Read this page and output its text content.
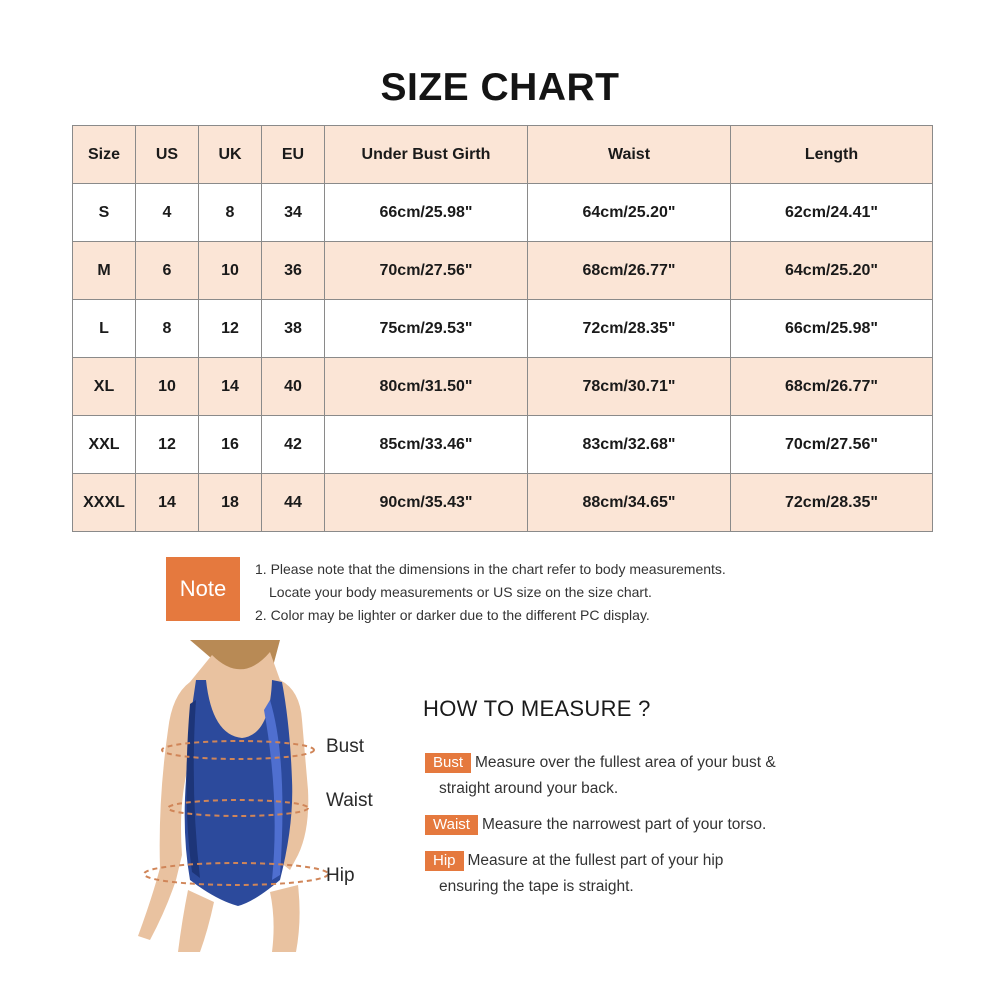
SIZE CHART
Size	US	UK	EU	Under Bust Girth	Waist	Length
S	4	8	34	66cm/25.98"	64cm/25.20"	62cm/24.41"
M	6	10	36	70cm/27.56"	68cm/26.77"	64cm/25.20"
L	8	12	38	75cm/29.53"	72cm/28.35"	66cm/25.98"
XL	10	14	40	80cm/31.50"	78cm/30.71"	68cm/26.77"
XXL	12	16	42	85cm/33.46"	83cm/32.68"	70cm/27.56"
XXXL	14	18	44	90cm/35.43"	88cm/34.65"	72cm/28.35"
Note
1. Please note that the dimensions in the chart refer to body measurements.
Locate your body measurements or US size on the size chart.
2. Color may be lighter or darker due to the different PC display.
Bust
Waist
Hip
HOW TO MEASURE ?
Bust Measure over the fullest area of your bust &
straight around your back.
Waist Measure the narrowest part of your torso.
Hip Measure at the fullest part of your hip
ensuring the tape is straight.
